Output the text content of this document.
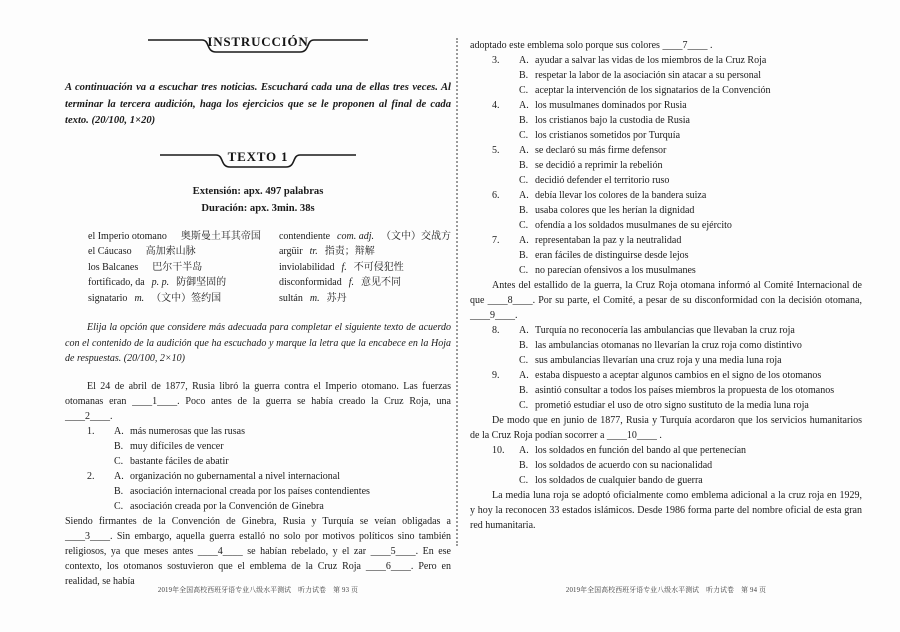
INSTRUCCIÓN

A continuación va a escuchar tres noticias. Escuchará cada una de ellas tres veces. Al terminar la tercera audición, haga los ejercicios que se le proponen al final de cada texto. (20/100, 1×20)

TEXTO 1
Extensión: apx. 497 palabras
Duración: apx. 3min. 38s
el Imperio otomano 奥斯曼土耳其帝国
el Cáucaso 高加索山脉
los Balcanes 巴尔干半岛
fortificado, da p. p. 防御坚固的
signatario m. （文中）签约国
contendiente com. adj. （文中）交战方
argüir tr. 指责；辩解
inviolabilidad f. 不可侵犯性
disconformidad f. 意见不同
sultán m. 苏丹

Elija la opción que considere más adecuada para completar el siguiente texto de acuerdo con el contenido de la audición que ha escuchado y marque la letra que la encabece en la Hoja de respuestas. (20/100, 2×10)

El 24 de abril de 1877, Rusia libró la guerra contra el Imperio otomano. Las fuerzas otomanas eran ____1____. Poco antes de la guerra se había creado la Cruz Roja, una ____2____.

1.	A. más numerosas que las rusas
B. muy difíciles de vencer
C. bastante fáciles de abatir
2.	A. organización no gubernamental a nivel internacional
B. asociación internacional creada por los países contendientes
C. asociación creada por la Convención de Ginebra

Siendo firmantes de la Convención de Ginebra, Rusia y Turquía se veían obligadas a ____3____. Sin embargo, aquella guerra estalló no solo por motivos políticos sino también religiosos, ya que meses antes ____4____ se habían rebelado, y el zar ____5____. En ese contexto, los otomanos sostuvieron que el emblema de la Cruz Roja ____6____. Pero en realidad, se había

adoptado este emblema solo porque sus colores ____7____ .

3.	A. ayudar a salvar las vidas de los miembros de la Cruz Roja
B. respetar la labor de la asociación sin atacar a su personal
C. aceptar la intervención de los signatarios de la Convención
4.	A. los musulmanes dominados por Rusia
B. los cristianos bajo la custodia de Rusia
C. los cristianos sometidos por Turquía
5.	A. se declaró su más firme defensor
B. se decidió a reprimir la rebelión
C. decidió defender el territorio ruso
6.	A. debía llevar los colores de la bandera suiza
B. usaba colores que les herían la dignidad
C. ofendía a los soldados musulmanes de su ejército
7.	A. representaban la paz y la neutralidad
B. eran fáciles de distinguirse desde lejos
C. no parecían ofensivos a los musulmanes

Antes del estallido de la guerra, la Cruz Roja otomana informó al Comité Internacional de que ____8____. Por su parte, el Comité, a pesar de su disconformidad con la decisión otomana, ____9____.

8.	A. Turquía no reconocería las ambulancias que llevaban la cruz roja
B. las ambulancias otomanas no llevarían la cruz roja como distintivo
C. sus ambulancias llevarían una cruz roja y una media luna roja
9.	A. estaba dispuesto a aceptar algunos cambios en el signo de los otomanos
B. asintió consultar a todos los países miembros la propuesta de los otomanos
C. prometió estudiar el uso de otro signo sustituto de la media luna roja

De modo que en junio de 1877, Rusia y Turquía acordaron que los servicios humanitarios de la Cruz Roja podían socorrer a ____10____ .

10.	A. los soldados en función del bando al que pertenecían
B. los soldados de acuerdo con su nacionalidad
C. los soldados de cualquier bando de guerra

La media luna roja se adoptó oficialmente como emblema adicional a la cruz roja en 1929, y hoy la reconocen 33 estados islámicos. Desde 1986 forma parte del nombre oficial de esta gran red humanitaria.

2019年全国高校西班牙语专业八级水平测试　听力试卷　第 93 页	2019年全国高校西班牙语专业八级水平测试　听力试卷　第 94 页
